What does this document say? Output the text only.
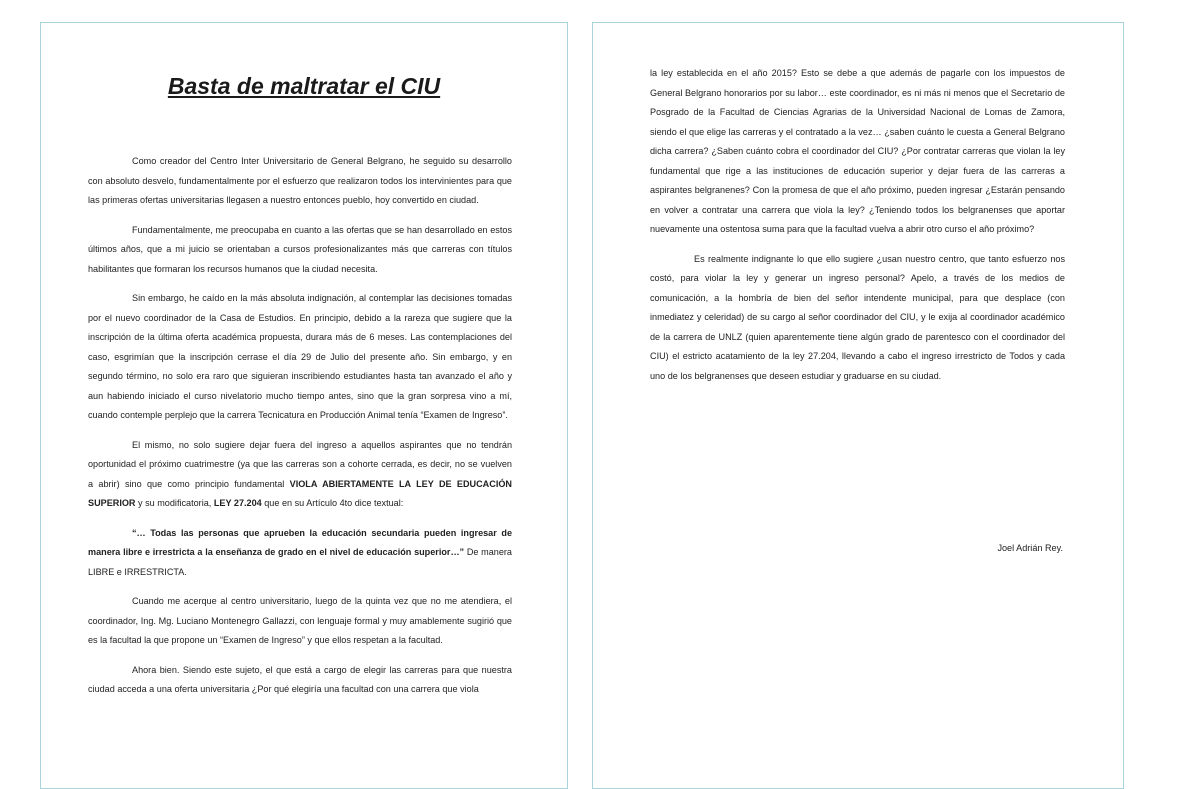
Basta de maltratar el CIU

Como creador del Centro Inter Universitario de General Belgrano, he seguido su desarrollo con absoluto desvelo, fundamentalmente por el esfuerzo que realizaron todos los intervinientes para que las primeras ofertas universitarias llegasen a nuestro entonces pueblo, hoy convertido en ciudad.

Fundamentalmente, me preocupaba en cuanto a las ofertas que se han desarrollado en estos últimos años, que a mi juicio se orientaban a cursos profesionalizantes más que carreras con títulos habilitantes que formaran los recursos humanos que la ciudad necesita.

Sin embargo, he caído en la más absoluta indignación, al contemplar las decisiones tomadas por el nuevo coordinador de la Casa de Estudios. En principio, debido a la rareza que sugiere que la inscripción de la última oferta académica propuesta, durara más de 6 meses. Las contemplaciones del caso, esgrimían que la inscripción cerrase el día 29 de Julio del presente año. Sin embargo, y en segundo término, no solo era raro que siguieran inscribiendo estudiantes hasta tan avanzado el año y aun habiendo iniciado el curso nivelatorio mucho tiempo antes, sino que la gran sorpresa vino a mí, cuando contemple perplejo que la carrera Tecnicatura en Producción Animal tenía “Examen de Ingreso”.

El mismo, no solo sugiere dejar fuera del ingreso a aquellos aspirantes que no tendrán oportunidad el próximo cuatrimestre (ya que las carreras son a cohorte cerrada, es decir, no se vuelven a abrir) sino que como principio fundamental VIOLA ABIERTAMENTE LA LEY DE EDUCACIÓN SUPERIOR y su modificatoria, LEY 27.204 que en su Artículo 4to dice textual:

“… Todas las personas que aprueben la educación secundaria pueden ingresar de manera libre e irrestricta a la enseñanza de grado en el nivel de educación superior…” De manera LIBRE e IRRESTRICTA.

Cuando me acerque al centro universitario, luego de la quinta vez que no me atendiera, el coordinador, Ing. Mg. Luciano Montenegro Gallazzi, con lenguaje formal y muy amablemente sugirió que es la facultad la que propone un “Examen de Ingreso” y que ellos respetan a la facultad.

Ahora bien. Siendo este sujeto, el que está a cargo de elegir las carreras para que nuestra ciudad acceda a una oferta universitaria ¿Por qué elegiría una facultad con una carrera que viola

la ley establecida en el año 2015? Esto se debe a que además de pagarle con los impuestos de General Belgrano honorarios por su labor… este coordinador, es ni más ni menos que el Secretario de Posgrado de la Facultad de Ciencias Agrarias de la Universidad Nacional de Lomas de Zamora, siendo el que elige las carreras y el contratado a la vez… ¿saben cuánto le cuesta a General Belgrano dicha carrera? ¿Saben cuánto cobra el coordinador del CIU? ¿Por contratar carreras que violan la ley fundamental que rige a las instituciones de educación superior y dejar fuera de las carreras a aspirantes belgranenes? Con la promesa de que el año próximo, pueden ingresar ¿Estarán pensando en volver a contratar una carrera que viola la ley? ¿Teniendo todos los belgranenses que aportar nuevamente una ostentosa suma para que la facultad vuelva a abrir otro curso el año próximo?

Es realmente indignante lo que ello sugiere ¿usan nuestro centro, que tanto esfuerzo nos costó, para violar la ley y generar un ingreso personal? Apelo, a través de los medios de comunicación, a la hombría de bien del señor intendente municipal, para que desplace (con inmediatez y celeridad) de su cargo al señor coordinador del CIU, y le exija al coordinador académico de la carrera de UNLZ (quien aparentemente tiene algún grado de parentesco con el coordinador del CIU) el estricto acatamiento de la ley 27.204, llevando a cabo el ingreso irrestricto de Todos y cada uno de los belgranenses que deseen estudiar y graduarse en su ciudad.

Joel Adrián Rey.
